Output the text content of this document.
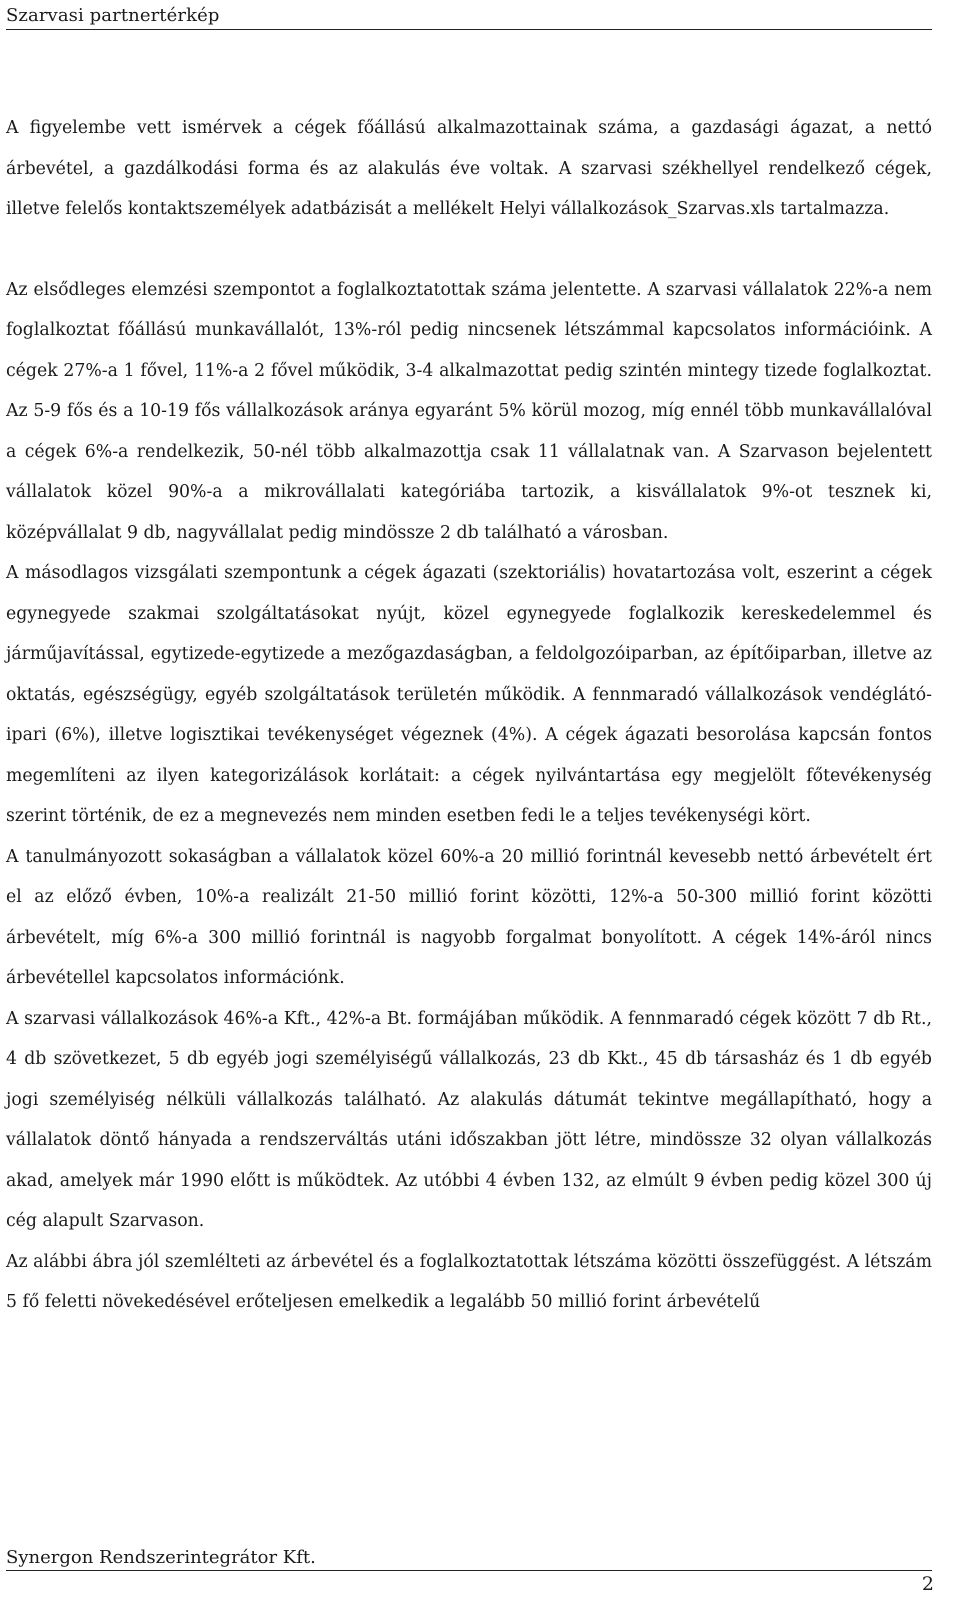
Szarvasi partnertérkép

A figyelembe vett ismérvek a cégek főállású alkalmazottainak száma, a gazdasági ágazat, a nettó árbevétel, a gazdálkodási forma és az alakulás éve voltak. A szarvasi székhellyel rendelkező cégek, illetve felelős kontaktszemélyek adatbázisát a mellékelt Helyi vállalkozások_Szarvas.xls tartalmazza.

Az elsődleges elemzési szempontot a foglalkoztatottak száma jelentette. A szarvasi vállalatok 22%-a nem foglalkoztat főállású munkavállalót, 13%-ról pedig nincsenek létszámmal kapcsolatos információink. A cégek 27%-a 1 fővel, 11%-a 2 fővel működik, 3-4 alkalmazottat pedig szintén mintegy tizede foglalkoztat. Az 5-9 fős és a 10-19 fős vállalkozások aránya egyaránt 5% körül mozog, míg ennél több munkavállalóval a cégek 6%-a rendelkezik, 50-nél több alkalmazottja csak 11 vállalatnak van. A Szarvason bejelentett vállalatok közel 90%-a a mikrovállalati kategóriába tartozik, a kisvállalatok 9%-ot tesznek ki, középvállalat 9 db, nagyvállalat pedig mindössze 2 db található a városban.

A másodlagos vizsgálati szempontunk a cégek ágazati (szektoriális) hovatartozása volt, eszerint a cégek egynegyede szakmai szolgáltatásokat nyújt, közel egynegyede foglalkozik kereskedelemmel és járműjavítással, egytizede-egytizede a mezőgazdaságban, a feldolgozóiparban, az építőiparban, illetve az oktatás, egészségügy, egyéb szolgáltatások területén működik. A fennmaradó vállalkozások vendéglátó-ipari (6%), illetve logisztikai tevékenységet végeznek (4%). A cégek ágazati besorolása kapcsán fontos megemlíteni az ilyen kategorizálások korlátait: a cégek nyilvántartása egy megjelölt főtevékenység szerint történik, de ez a megnevezés nem minden esetben fedi le a teljes tevékenységi kört.

A tanulmányozott sokaságban a vállalatok közel 60%-a 20 millió forintnál kevesebb nettó árbevételt ért el az előző évben, 10%-a realizált 21-50 millió forint közötti, 12%-a 50-300 millió forint közötti árbevételt, míg 6%-a 300 millió forintnál is nagyobb forgalmat bonyolított. A cégek 14%-áról nincs árbevétellel kapcsolatos információnk.

A szarvasi vállalkozások 46%-a Kft., 42%-a Bt. formájában működik. A fennmaradó cégek között 7 db Rt., 4 db szövetkezet, 5 db egyéb jogi személyiségű vállalkozás, 23 db Kkt., 45 db társasház és 1 db egyéb jogi személyiség nélküli vállalkozás található. Az alakulás dátumát tekintve megállapítható, hogy a vállalatok döntő hányada a rendszerváltás utáni időszakban jött létre, mindössze 32 olyan vállalkozás akad, amelyek már 1990 előtt is működtek. Az utóbbi 4 évben 132, az elmúlt 9 évben pedig közel 300 új cég alapult Szarvason.

Az alábbi ábra jól szemlélteti az árbevétel és a foglalkoztatottak létszáma közötti összefüggést. A létszám 5 fő feletti növekedésével erőteljesen emelkedik a legalább 50 millió forint árbevételű

Synergon Rendszerintegrátor Kft.
2
